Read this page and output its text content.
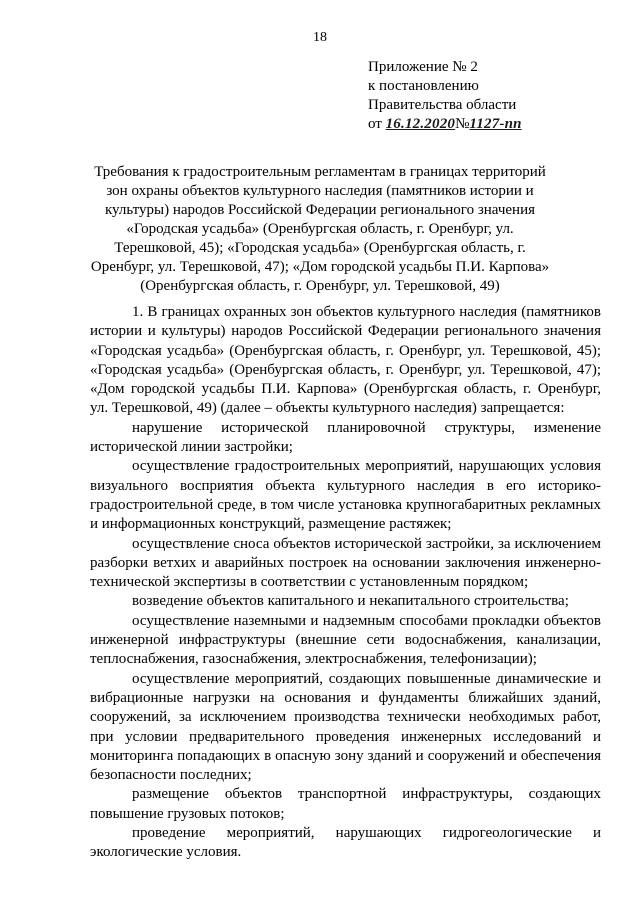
18
Приложение № 2
к постановлению
Правительства области
от 16.12.2020№1127-пп
Требования к градостроительным регламентам в границах территорий зон охраны объектов культурного наследия (памятников истории и культуры) народов Российской Федерации регионального значения «Городская усадьба» (Оренбургская область, г. Оренбург, ул. Терешковой, 45); «Городская усадьба» (Оренбургская область, г. Оренбург, ул. Терешковой, 47); «Дом городской усадьбы П.И. Карпова» (Оренбургская область, г. Оренбург, ул. Терешковой, 49)

1. В границах охранных зон объектов культурного наследия (памятников истории и культуры) народов Российской Федерации регионального значения «Городская усадьба» (Оренбургская область, г. Оренбург, ул. Терешковой, 45); «Городская усадьба» (Оренбургская область, г. Оренбург, ул. Терешковой, 47); «Дом городской усадьбы П.И. Карпова» (Оренбургская область, г. Оренбург, ул. Терешковой, 49) (далее – объекты культурного наследия) запрещается:

нарушение исторической планировочной структуры, изменение исторической линии застройки;

осуществление градостроительных мероприятий, нарушающих условия визуального восприятия объекта культурного наследия в его историко-градостроительной среде, в том числе установка крупногабаритных рекламных и информационных конструкций, размещение растяжек;

осуществление сноса объектов исторической застройки, за исключением разборки ветхих и аварийных построек на основании заключения инженерно-технической экспертизы в соответствии с установленным порядком;

возведение объектов капитального и некапитального строительства;

осуществление наземными и надземным способами прокладки объектов инженерной инфраструктуры (внешние сети водоснабжения, канализации, теплоснабжения, газоснабжения, электроснабжения, телефонизации);

осуществление мероприятий, создающих повышенные динамические и вибрационные нагрузки на основания и фундаменты ближайших зданий, сооружений, за исключением производства технически необходимых работ, при условии предварительного проведения инженерных исследований и мониторинга попадающих в опасную зону зданий и сооружений и обеспечения безопасности последних;

размещение объектов транспортной инфраструктуры, создающих повышение грузовых потоков;

проведение мероприятий, нарушающих гидрогеологические и экологические условия.
